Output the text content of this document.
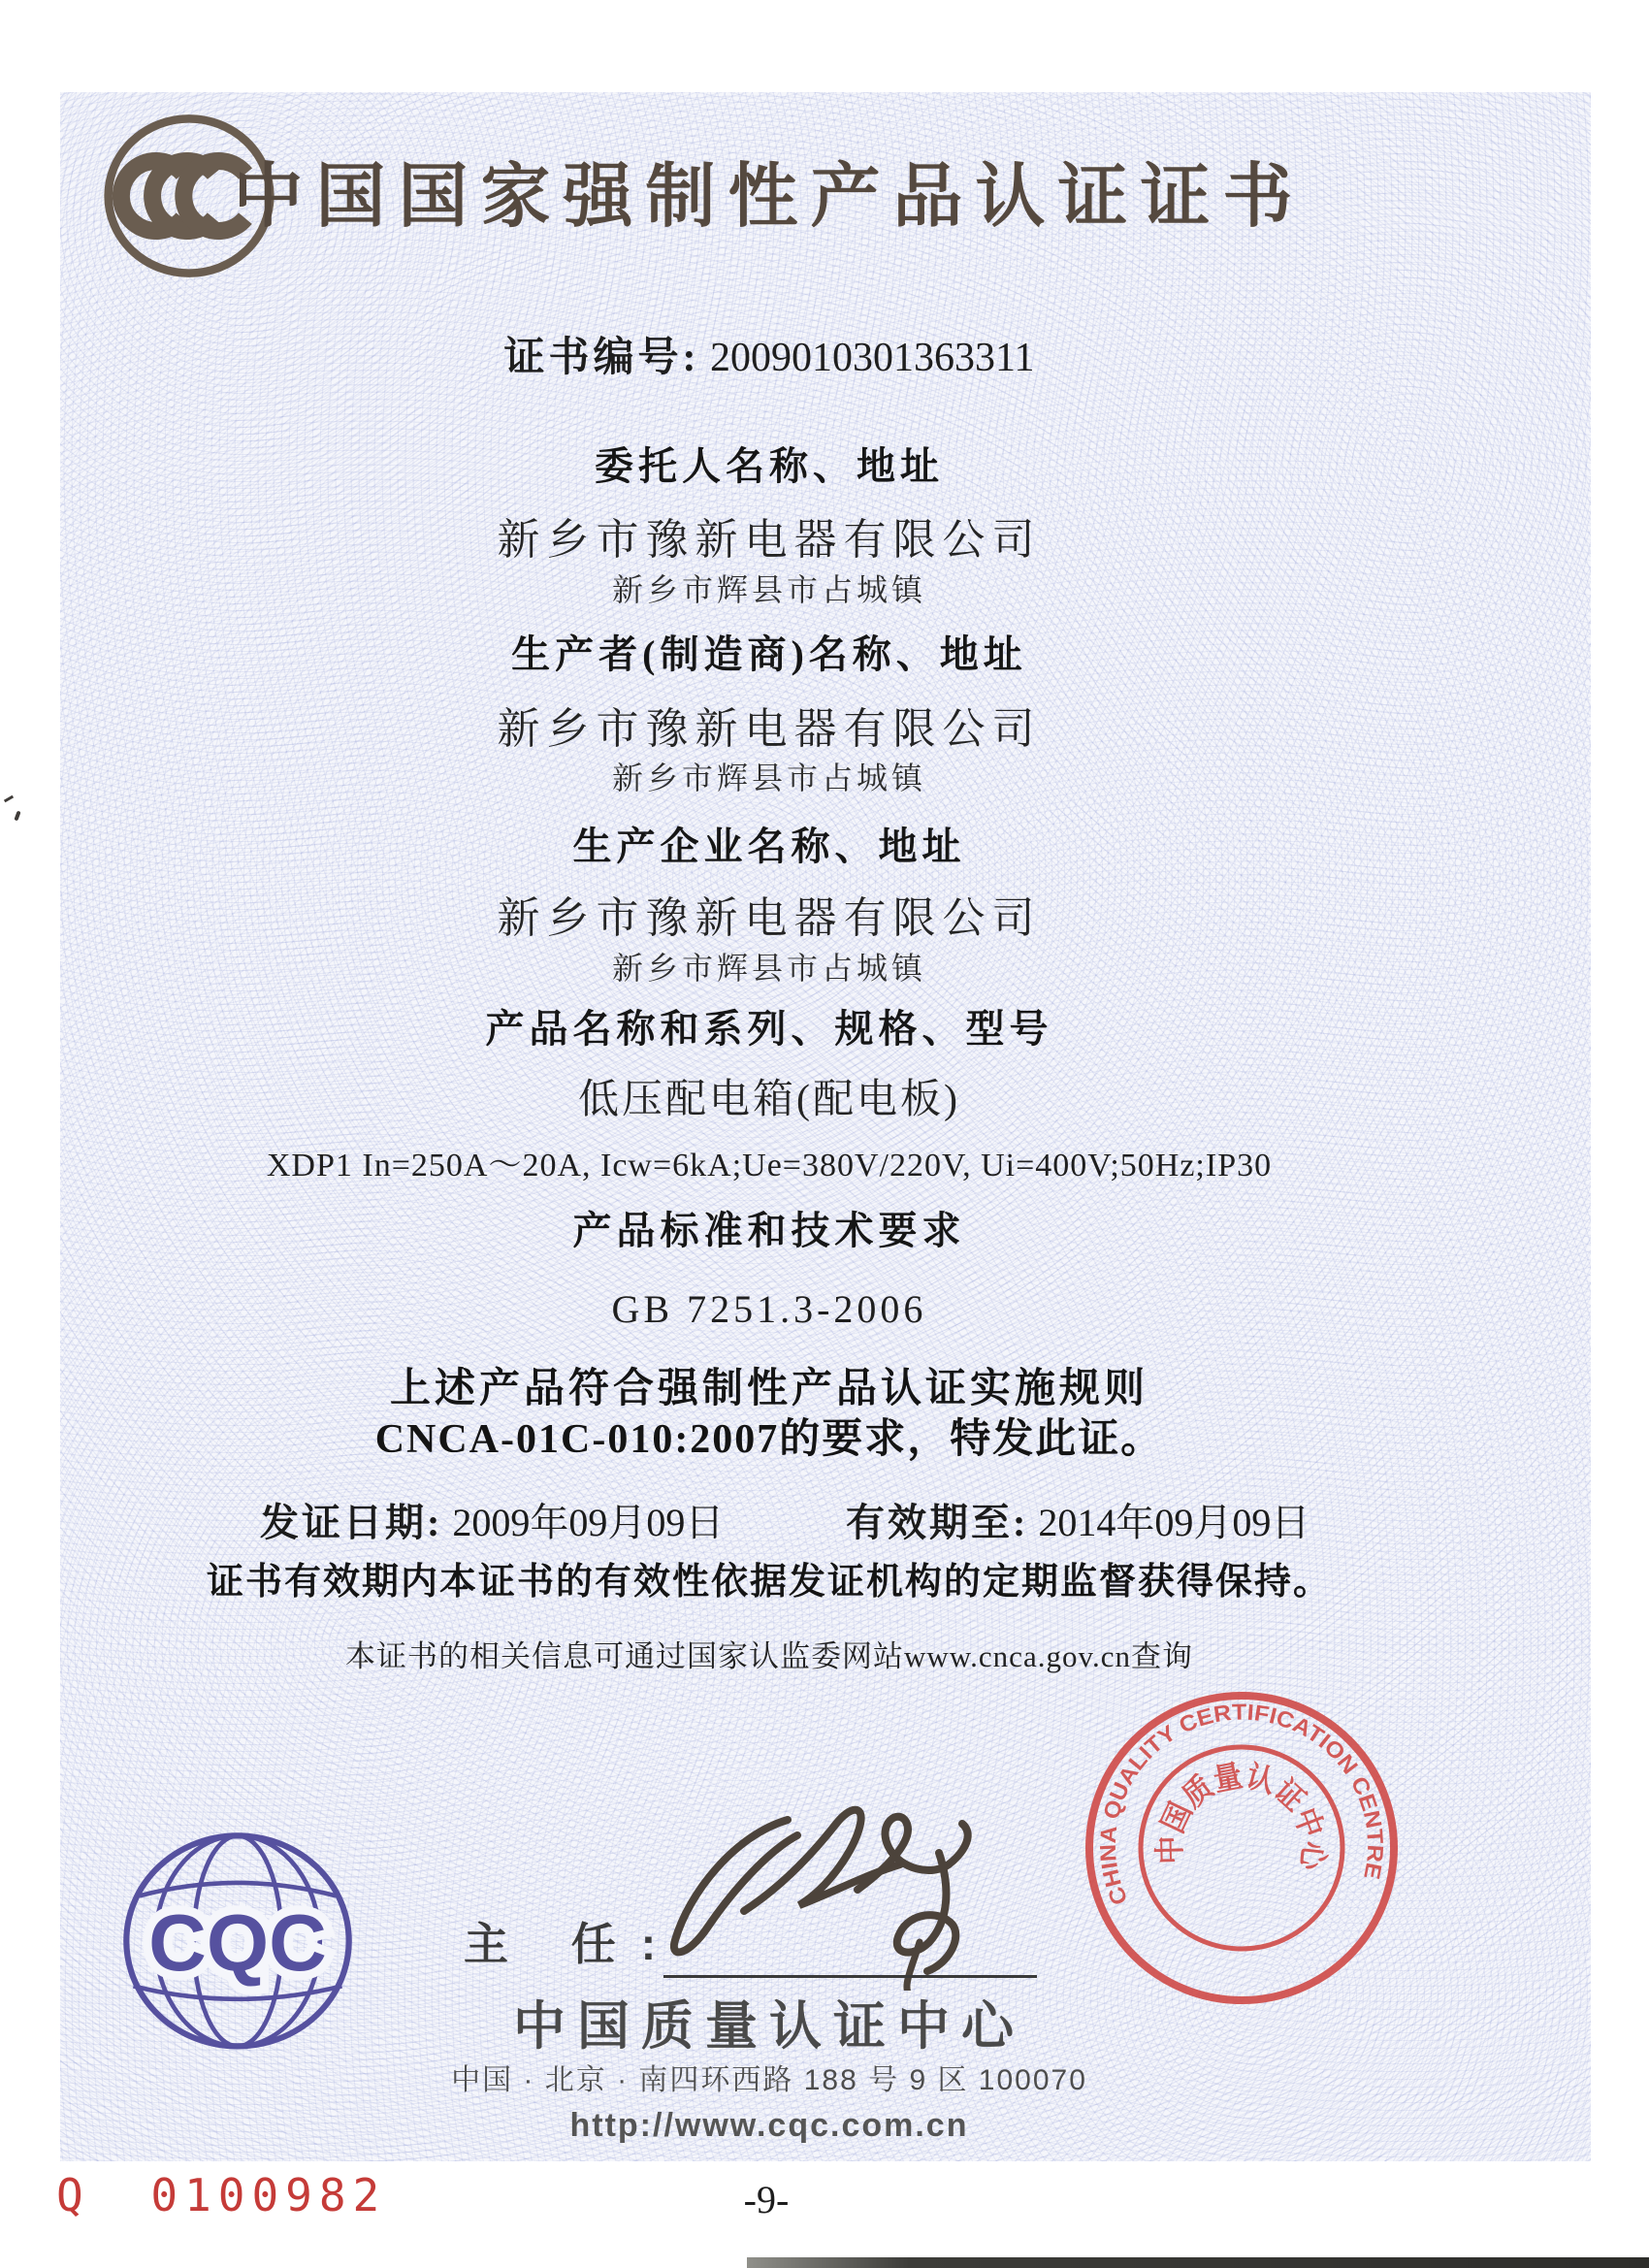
中国国家强制性产品认证证书
证书编号: 2009010301363311
委托人名称、地址
新乡市豫新电器有限公司
新乡市辉县市占城镇
生产者(制造商)名称、地址
新乡市豫新电器有限公司
新乡市辉县市占城镇
生产企业名称、地址
新乡市豫新电器有限公司
新乡市辉县市占城镇
产品名称和系列、规格、型号
低压配电箱(配电板)
XDP1 In=250A～20A, Icw=6kA;Ue=380V/220V, Ui=400V;50Hz;IP30
产品标准和技术要求
GB 7251.3-2006
上述产品符合强制性产品认证实施规则
CNCA-01C-010:2007的要求，特发此证。
发证日期: 2009年09月09日	有效期至: 2014年09月09日
证书有效期内本证书的有效性依据发证机构的定期监督获得保持。
本证书的相关信息可通过国家认监委网站www.cnca.gov.cn查询
CQC	主 任:
中国质量认证中心
中国 · 北京 · 南四环西路 188 号 9 区 100070
http://www.cqc.com.cn
CHINA QUALITY CERTIFICATION CENTRE
中国质量认证中心
Q 0100982	-9-
